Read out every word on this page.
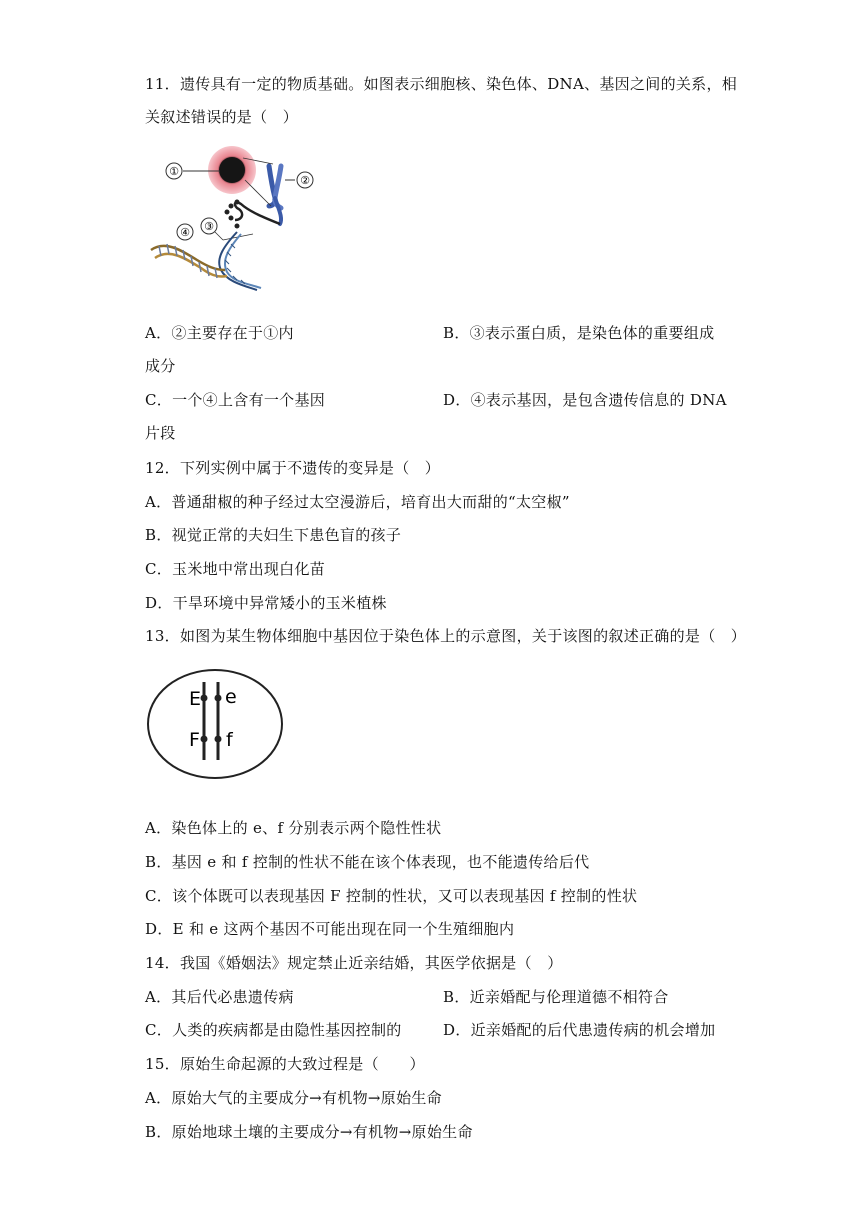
11．遗传具有一定的物质基础。如图表示细胞核、染色体、DNA、基因之间的关系，相
关叙述错误的是（　）
①
②
③
④
A．②主要存在于①内	B．③表示蛋白质，是染色体的重要组成
成分
C．一个④上含有一个基因	D．④表示基因，是包含遗传信息的 DNA
片段
12．下列实例中属于不遗传的变异是（　）
A．普通甜椒的种子经过太空漫游后，培育出大而甜的“太空椒”
B．视觉正常的夫妇生下患色盲的孩子
C．玉米地中常出现白化苗
D．干旱环境中异常矮小的玉米植株
13．如图为某生物体细胞中基因位于染色体上的示意图，关于该图的叙述正确的是（　）
E e
F f
A．染色体上的 e、f 分别表示两个隐性性状
B．基因 e 和 f 控制的性状不能在该个体表现，也不能遗传给后代
C．该个体既可以表现基因 F 控制的性状，又可以表现基因 f 控制的性状
D．E 和 e 这两个基因不可能出现在同一个生殖细胞内
14．我国《婚姻法》规定禁止近亲结婚，其医学依据是（　）
A．其后代必患遗传病	B．近亲婚配与伦理道德不相符合
C．人类的疾病都是由隐性基因控制的	D．近亲婚配的后代患遗传病的机会增加
15．原始生命起源的大致过程是（　　）
A．原始大气的主要成分→有机物→原始生命
B．原始地球土壤的主要成分→有机物→原始生命
